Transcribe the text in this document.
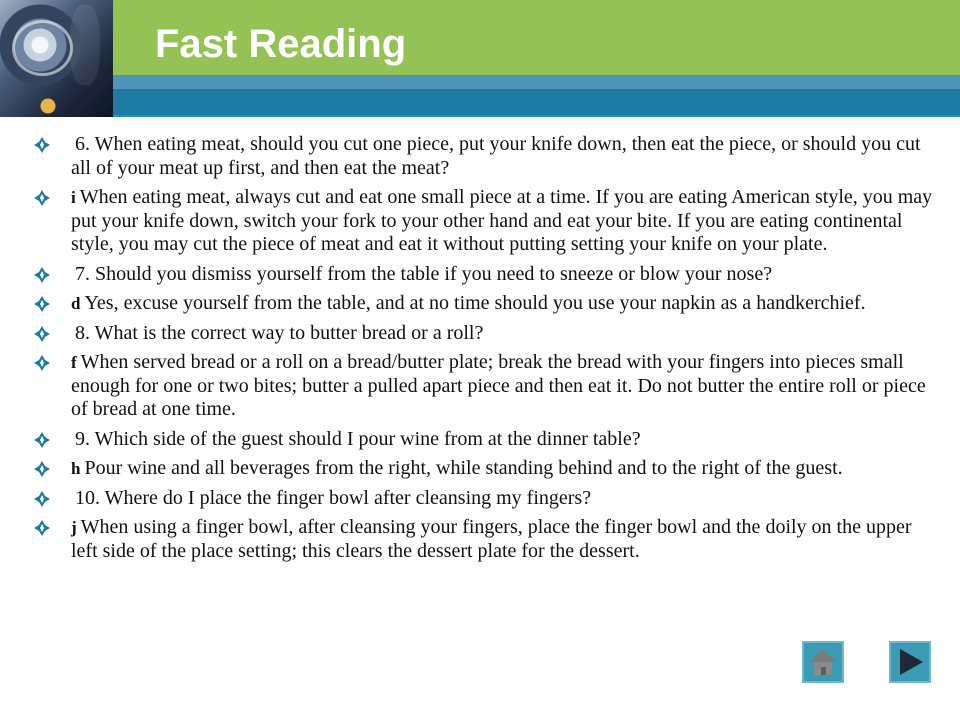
Fast Reading
6. When eating meat, should you cut one piece, put your knife down, then eat the piece, or should you cut all of your meat up first, and then eat the meat?
i When eating meat, always cut and eat one small piece at a time. If you are eating American style, you may put your knife down, switch your fork to your other hand and eat your bite. If you are eating continental style, you may cut the piece of meat and eat it without putting setting your knife on your plate.
7. Should you dismiss yourself from the table if you need to sneeze or blow your nose?
d Yes, excuse yourself from the table, and at no time should you use your napkin as a handkerchief.
8. What is the correct way to butter bread or a roll?
f When served bread or a roll on a bread/butter plate; break the bread with your fingers into pieces small enough for one or two bites; butter a pulled apart piece and then eat it. Do not butter the entire roll or piece of bread at one time.
9. Which side of the guest should I pour wine from at the dinner table?
h Pour wine and all beverages from the right, while standing behind and to the right of the guest.
10. Where do I place the finger bowl after cleansing my fingers?
j When using a finger bowl, after cleansing your fingers, place the finger bowl and the doily on the upper left side of the place setting; this clears the dessert plate for the dessert.
